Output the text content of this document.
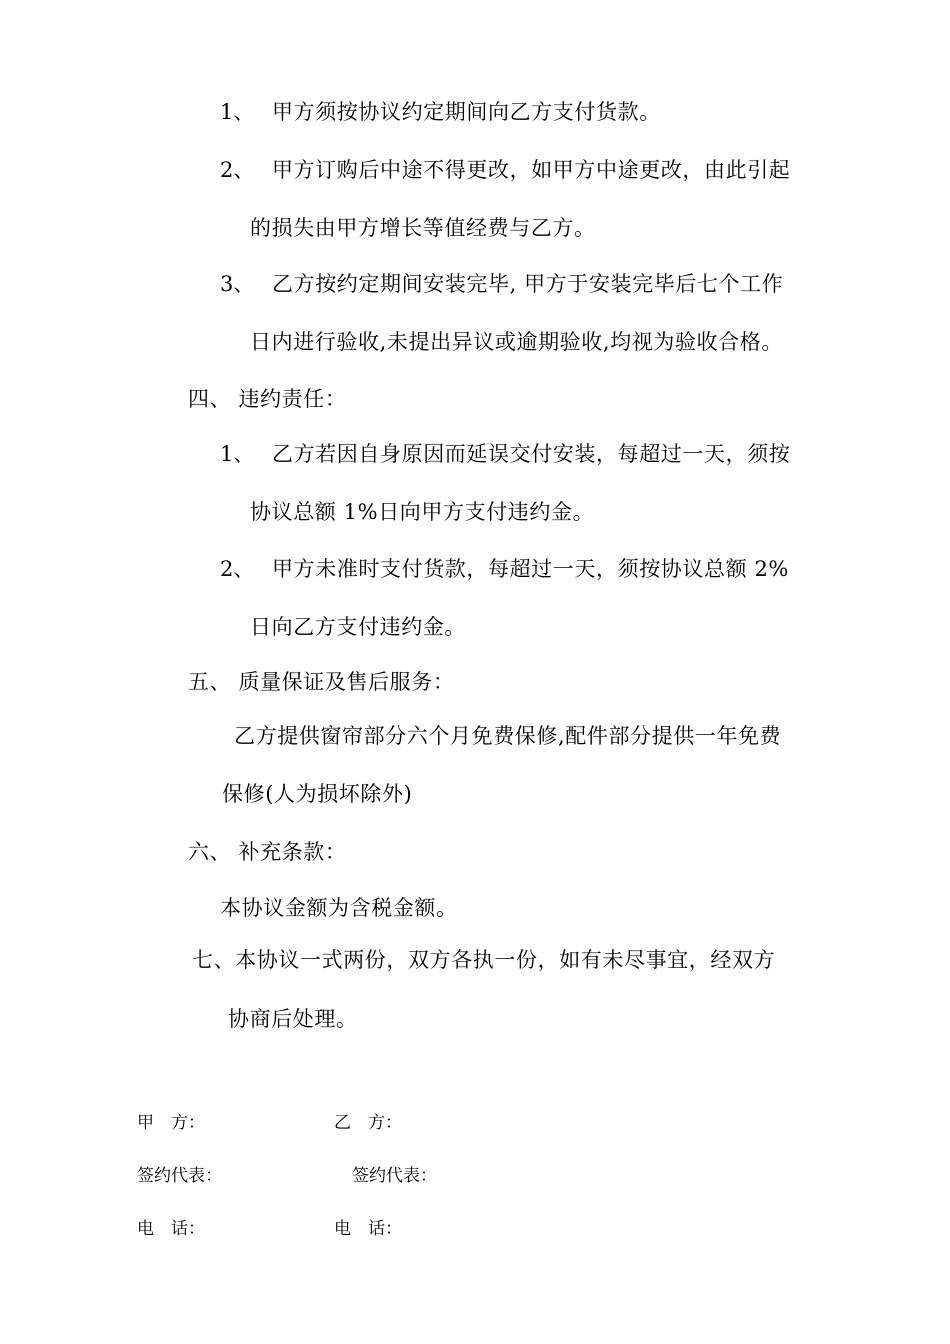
1、 甲方须按协议约定期间向乙方支付货款。
2、 甲方订购后中途不得更改，如甲方中途更改，由此引起
的损失由甲方增长等值经费与乙方。
3、 乙方按约定期间安装完毕, 甲方于安装完毕后七个工作
日内进行验收,未提出异议或逾期验收,均视为验收合格。
四、 违约责任：
1、 乙方若因自身原因而延误交付安装，每超过一天，须按
协议总额 1%日向甲方支付违约金。
2、 甲方未准时支付货款，每超过一天，须按协议总额 2%
日向乙方支付违约金。
五、 质量保证及售后服务：
乙方提供窗帘部分六个月免费保修,配件部分提供一年免费
保修(人为损坏除外)
六、 补充条款：
本协议金额为含税金额。
七、本协议一式两份，双方各执一份，如有未尽事宜，经双方
协商后处理。
甲　方：	乙　方：
签约代表：	签约代表：
电　话：	电　话：
